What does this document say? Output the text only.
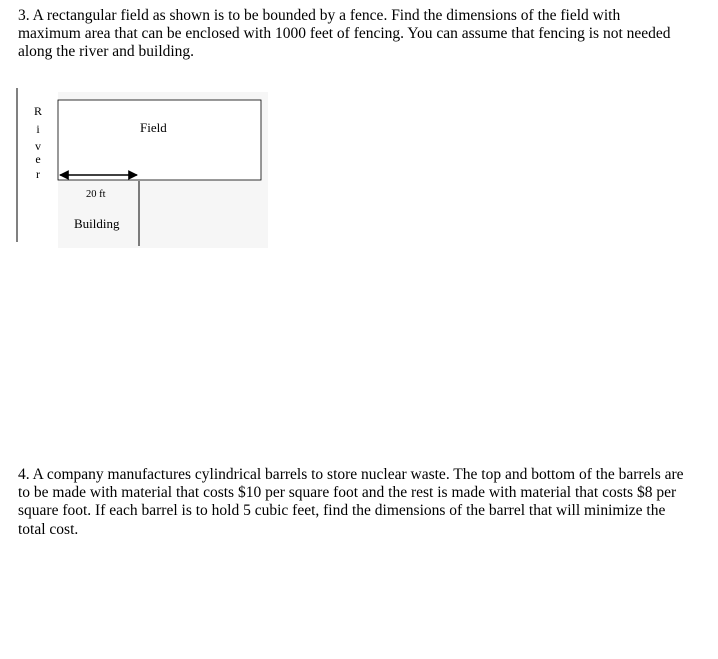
3. A rectangular field as shown is to be bounded by a fence. Find the dimensions of the field with maximum area that can be enclosed with 1000 feet of fencing. You can assume that fencing is not needed along the river and building.

R
i
v
e
r
Field
20 ft
Building

4. A company manufactures cylindrical barrels to store nuclear waste. The top and bottom of the barrels are to be made with material that costs $10 per square foot and the rest is made with material that costs $8 per square foot. If each barrel is to hold 5 cubic feet, find the dimensions of the barrel that will minimize the total cost.
